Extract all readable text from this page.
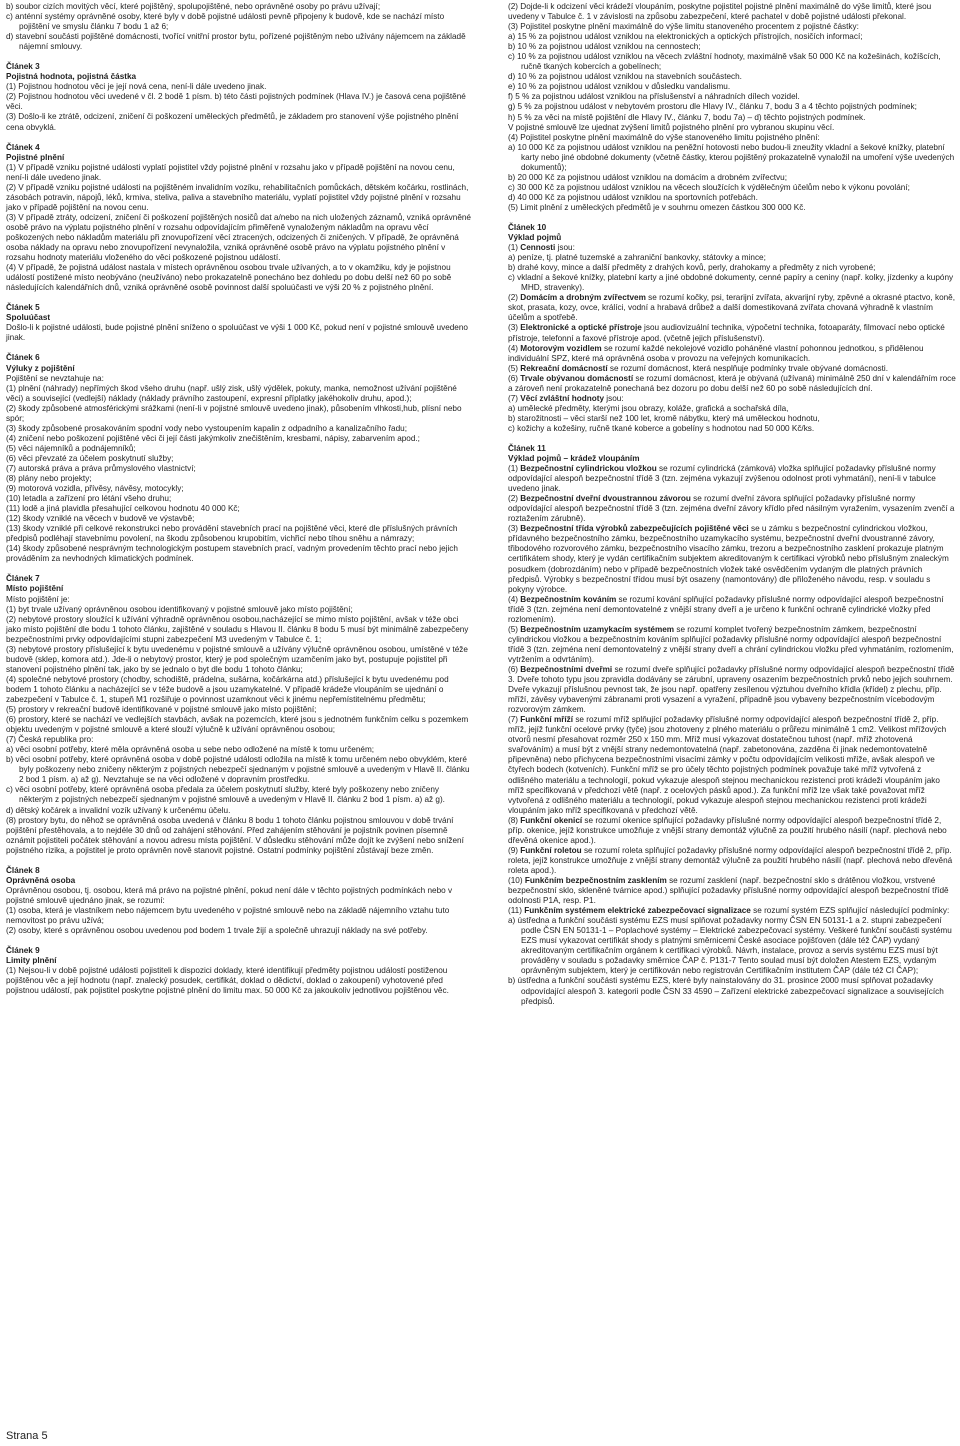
b) soubor cizích movitých věcí, které pojištěný, spolupojištěné, nebo oprávněné osoby po právu užívají;

c) anténní systémy oprávněné osoby, které byly v době pojistné události pevně připojeny k budově, kde se nachází místo pojištění ve smyslu článku 7 bodu 1 až 6;

d) stavební součásti pojištěné domácnosti, tvořící vnitřní prostor bytu, pořízené pojištěným nebo užívány nájemcem na základě nájemní smlouvy.

Článek 3
Pojistná hodnota, pojistná částka

(1) Pojistnou hodnotou věci je její nová cena, není-li dále uvedeno jinak.

(2) Pojistnou hodnotou věci uvedené v čl. 2 bodě 1 písm. b) této části pojistných podmínek (Hlava IV.) je časová cena pojištěné věci.

(3) Došlo-li ke ztrátě, odcizení, zničení či poškození uměleckých předmětů, je základem pro stanovení výše pojistného plnění cena obvyklá.

Článek 4
Pojistné plnění

(1) V případě vzniku pojistné události vyplatí pojistitel vždy pojistné plnění v rozsahu jako v případě pojištění na novou cenu, není-li dále uvedeno jinak.

(2) V případě vzniku pojistné události na pojištěném invalidním vozíku, rehabilitačních pomůckách, dětském kočárku, rostlinách, zásobách potravin, nápojů, léků, krmiva, steliva, paliva a stavebního materiálu, vyplatí pojistitel vždy pojistné plnění v rozsahu jako v případě pojištění na novou cenu.

(3) V případě ztráty, odcizení, zničení či poškození pojištěných nosičů dat a/nebo na nich uložených záznamů, vzniká oprávněné osobě právo na výplatu pojistného plnění v rozsahu odpovídajícím přiměřeně vynaloženým nákladům na opravu věcí poškozených nebo nákladům materiálu při znovupořízení věcí ztracených, odcizených či zničených. V případě, že oprávněná osoba náklady na opravu nebo znovupořízení nevynaložila, vzniká oprávněné osobě právo na výplatu pojistného plnění v rozsahu hodnoty materiálu vloženého do věci poškozené pojistnou událostí.

(4) V případě, že pojistná událost nastala v místech oprávněnou osobou trvale užívaných, a to v okamžiku, kdy je pojistnou událostí postižené místo neobýváno (neužíváno) nebo prokazatelně ponecháno bez dohledu po dobu delší než 60 po sobě následujících kalendářních dnů, vzniká oprávněné osobě povinnost další spoluúčasti ve výši 20 % z pojistného plnění.

Článek 5
Spoluúčast

Došlo-li k pojistné události, bude pojistné plnění sníženo o spoluúčast ve výši 1 000 Kč, pokud není v pojistné smlouvě uvedeno jinak.

Článek 6
Výluky z pojištění

Pojištění se nevztahuje na:

(1) plnění (náhrady) nepřímých škod všeho druhu (např. ušlý zisk, ušlý výdělek, pokuty, manka, nemožnost užívání pojištěné věci) a související (vedlejší) náklady (náklady právního zastoupení, expresní příplatky jakéhokoliv druhu, apod.);

(2) škody způsobené atmosférickými srážkami (není-li v pojistné smlouvě uvedeno jinak), působením vlhkosti,hub, plísní nebo spór;

(3) škody způsobené prosakováním spodní vody nebo vystoupením kapalin z odpadního a kanalizačního řadu;

(4) zničení nebo poškození pojištěné věci či její části jakýmkoliv znečištěním, kresbami, nápisy, zabarvením apod.;

(5) věci nájemníků a podnájemníků;

(6) věci převzaté za účelem poskytnutí služby;

(7) autorská práva a práva průmyslového vlastnictví;

(8) plány nebo projekty;

(9) motorová vozidla, přívěsy, návěsy, motocykly;

(10) letadla a zařízení pro létání všeho druhu;

(11) lodě a jiná plavidla přesahující celkovou hodnotu 40 000 Kč;

(12) škody vzniklé na věcech v budově ve výstavbě;

(13) škody vzniklé při celkové rekonstrukci nebo provádění stavebních prací na pojištěné věci, které dle příslušných právních předpisů podléhají stavebnímu povolení, na škodu způsobenou krupobitím, vichřicí nebo tíhou sněhu a námrazy;

(14) škody způsobené nesprávným technologickým postupem stavebních prací, vadným provedením těchto prací nebo jejich prováděním za nevhodných klimatických podmínek.

Článek 7
Místo pojištění

Místo pojištění je:

(1) byt trvale užívaný oprávněnou osobou identifikovaný v pojistné smlouvě jako místo pojištění;

(2) nebytové prostory sloužící k užívání výhradně oprávněnou osobou,nacházející se mimo místo pojištění, avšak v téže obci jako místo pojištění dle bodu 1 tohoto článku, zajištěné v souladu s Hlavou II. článku 8 bodu 5 musí být minimálně zabezpečeny bezpečnostními prvky odpovídajícími stupni zabezpečení M3 uvedeným v Tabulce č. 1;

(3) nebytové prostory příslušející k bytu uvedenému v pojistné smlouvě a užívány výlučně oprávněnou osobou, umístěné v téže budově (sklep, komora atd.). Jde-li o nebytový prostor, který je pod společným uzamčením jako byt, postupuje pojistitel při stanovení pojistného plnění tak, jako by se jednalo o byt dle bodu 1 tohoto článku;

(4) společné nebytové prostory (chodby, schodiště, prádelna, sušárna, kočárkárna atd.) příslušející k bytu uvedenému pod bodem 1 tohoto článku a nacházející se v téže budově a jsou uzamykatelné. V případě krádeže vloupáním se ujednání o zabezpečení v Tabulce č. 1, stupeň M1 rozšiřuje o povinnost uzamknout věci k jinému nepřemístitelnému předmětu;

(5) prostory v rekreační budově identifikované v pojistné smlouvě jako místo pojištění;

(6) prostory, které se nachází ve vedlejších stavbách, avšak na pozemcích, které jsou s jednotném funkčním celku s pozemkem objektu uvedeným v pojistné smlouvě a které slouží výlučně k užívání oprávněnou osobou;

(7) Česká republika pro:

a) věci osobní potřeby, které měla oprávněná osoba u sebe nebo odložené na místě k tomu určeném;

b) věci osobní potřeby, které oprávněná osoba v době pojistné události odložila na místě k tomu určeném nebo obvyklém, které byly poškozeny nebo zničeny některým z pojistných nebezpečí sjednaným v pojistné smlouvě a uvedeným v Hlavě II. článku 2 bod 1 písm. a) až g). Nevztahuje se na věci odložené v dopravním prostředku.

c) věci osobní potřeby, které oprávněná osoba předala za účelem poskytnutí služby, které byly poškozeny nebo zničeny některým z pojistných nebezpečí sjednaným v pojistné smlouvě a uvedeným v Hlavě II. článku 2 bod 1 písm. a) až g).

d) dětský kočárek a invalidní vozík užívaný k určenému účelu.

(8) prostory bytu, do něhož se oprávněná osoba uvedená v článku 8 bodu 1 tohoto článku pojistnou smlouvou v době trvání pojištění přestěhovala, a to nejdéle 30 dnů od zahájení stěhování. Před zahájením stěhování je pojistník povinen písemně oznámit pojistiteli počátek stěhování a novou adresu místa pojištění. V důsledku stěhování může dojít ke zvýšení nebo snížení pojistného rizika, a pojistitel je proto oprávněn nově stanovit pojistné. Ostatní podmínky pojištění zůstávají beze změn.

Článek 8
Oprávněná osoba

Oprávněnou osobou, tj. osobou, která má právo na pojistné plnění, pokud není dále v těchto pojistných podmínkách nebo v pojistné smlouvě ujednáno jinak, se rozumí:

(1) osoba, která je vlastníkem nebo nájemcem bytu uvedeného v pojistné smlouvě nebo na základě nájemního vztahu tuto nemovitost po právu užívá;

(2) osoby, které s oprávněnou osobou uvedenou pod bodem 1 trvale žijí a společně uhrazují náklady na své potřeby.

Článek 9
Limity plnění

(1) Nejsou-li v době pojistné události pojistiteli k dispozici doklady, které identifikují předměty pojistnou událostí postiženou pojištěnou věc a její hodnotu (např. znalecký posudek, certifikát, doklad o dědictví, doklad o zakoupení) vyhotovené před pojistnou událostí, pak pojistitel poskytne pojistné plnění do limitu max. 50 000 Kč za jakoukoliv jednotlivou pojištěnou věc.

(2) Dojde-li k odcizení věci krádeží vloupáním, poskytne pojistitel pojistné plnění maximálně do výše limitů, které jsou uvedeny v Tabulce č. 1 v závislosti na způsobu zabezpečení, které pachatel v době pojistné události překonal.

(3) Pojistitel poskytne plnění maximálně do výše limitu stanoveného procentem z pojistné částky:

a) 15 % za pojistnou událost vzniklou na elektronických a optických přístrojích, nosičích informací;

b) 10 % za pojistnou událost vzniklou na cennostech;

c) 10 % za pojistnou událost vzniklou na věcech zvláštní hodnoty, maximálně však 50 000 Kč na kožešinách, kožíšcích, ručně tkaných kobercích a gobelínech;

d) 10 % za pojistnou událost vzniklou na stavebních součástech.

e) 10 % za pojistnou událost vzniklou v důsledku vandalismu.

f) 5 % za pojistnou událost vzniklou na příslušenství a náhradních dílech vozidel.

g) 5 % za pojistnou událost v nebytovém prostoru dle Hlavy IV., článku 7, bodu 3 a 4 těchto pojistných podmínek;

h) 5 % za věci na místě pojištění dle Hlavy IV., článku 7, bodu 7a) – d) těchto pojistných podmínek.

V pojistné smlouvě lze ujednat zvýšení limitů pojistného plnění pro vybranou skupinu věcí.

(4) Pojistitel poskytne plnění maximálně do výše stanoveného limitu pojistného plnění:

a) 10 000 Kč za pojistnou událost vzniklou na peněžní hotovosti nebo budou-li zneužity vkladní a šekové knížky, platební karty nebo jiné obdobné dokumenty (včetně částky, kterou pojištěný prokazatelně vynaložil na umoření výše uvedených dokumentů);

b) 20 000 Kč za pojistnou událost vzniklou na domácím a drobném zvířectvu;

c) 30 000 Kč za pojistnou událost vzniklou na věcech sloužících k výdělečným účelům nebo k výkonu povolání;

d) 40 000 Kč za pojistnou událost vzniklou na sportovních potřebách.

(5) Limit plnění z uměleckých předmětů je v souhrnu omezen částkou 300 000 Kč.

Článek 10
Výklad pojmů

(1) Cennosti jsou:

a) peníze, tj. platné tuzemské a zahraniční bankovky, státovky a mince;

b) drahé kovy, mince a další předměty z drahých kovů, perly, drahokamy a předměty z nich vyrobené;

c) vkladní a šekové knížky, platební karty a jiné obdobné dokumenty, cenné papíry a ceniny (např. kolky, jízdenky a kupóny MHD, stravenky).

(2) Domácím a drobným zvířectvem se rozumí kočky, psi, terarijní zvířata, akvarijní ryby, zpěvné a okrasné ptactvo, koně, skot, prasata, kozy, ovce, králíci, vodní a hrabavá drůbež a další domestikovaná zvířata chovaná výhradně k vlastním účelům a spotřebě.

(3) Elektronické a optické přístroje jsou audiovizuální technika, výpočetní technika, fotoaparáty, filmovací nebo optické přístroje, telefonní a faxové přístroje apod. (včetně jejich příslušenství).

(4) Motorovým vozidlem se rozumí každé nekolejové vozidlo poháněné vlastní pohonnou jednotkou, s přidělenou individuální SPZ, které má oprávněná osoba v provozu na veřejných komunikacích.

(5) Rekreační domácností se rozumí domácnost, která nesplňuje podmínky trvale obývané domácnosti.

(6) Trvale obývanou domácností se rozumí domácnost, která je obývaná (užívaná) minimálně 250 dní v kalendářním roce a zároveň není prokazatelně ponechaná bez dozoru po dobu delší než 60 po sobě následujících dní.

(7) Věcí zvláštní hodnoty jsou:

a) umělecké předměty, kterými jsou obrazy, koláže, grafická a sochařská díla,

b) starožitnosti – věci starší než 100 let, kromě nábytku, který má uměleckou hodnotu,

c) kožichy a kožešiny, ručně tkané koberce a gobelíny s hodnotou nad 50 000 Kč/ks.

Článek 11
Výklad pojmů – krádež vloupáním

(1) Bezpečnostní cylindrickou vložkou se rozumí cylindrická (zámková) vložka splňující požadavky příslušné normy odpovídající alespoň bezpečnostní třídě 3 (tzn. zejména vykazují zvýšenou odolnost proti vyhmatání), není-li v tabulce uvedeno jinak.

(2) Bezpečnostní dveřní dvoustrannou závorou se rozumí dveřní závora splňující požadavky příslušné normy odpovídající alespoň bezpečnostní třídě 3 (tzn. zejména dveřní závory křídlo před násilným vyražením, vysazením zvenčí a roztažením zárubně).

(3) Bezpečnostní třída výrobků zabezpečujících pojištěné věci se u zámku s bezpečnostní cylindrickou vložkou, přídavného bezpečnostního zámku, bezpečnostního uzamykacího systému, bezpečnostní dveřní dvoustranné závory, třibodového rozvorového zámku, bezpečnostního visacího zámku, trezoru a bezpečnostního zasklení prokazuje platným certifikátem shody, který je vydán certifikačním subjektem akreditovaným k certifikaci výrobků nebo příslušným znaleckým posudkem (dobrozdáním) nebo v případě bezpečnostních vložek také osvědčením vydaným dle platných právních předpisů. Výrobky s bezpečnostní třídou musí být osazeny (namontovány) dle přiloženého návodu, resp. v souladu s pokyny výrobce.

(4) Bezpečnostním kováním se rozumí kování splňující požadavky příslušné normy odpovídající alespoň bezpečnostní třídě 3 (tzn. zejména není demontovatelné z vnější strany dveří a je určeno k funkční ochraně cylindrické vložky před rozlomením).

(5) Bezpečnostním uzamykacím systémem se rozumí komplet tvořený bezpečnostním zámkem, bezpečnostní cylindrickou vložkou a bezpečnostním kováním splňující požadavky příslušné normy odpovídající alespoň bezpečnostní třídě 3 (tzn. zejména není demontovatelný z vnější strany dveří a chrání cylindrickou vložku před vyhmatáním, rozlomením, vytržením a odvrtáním).

(6) Bezpečnostními dveřmi se rozumí dveře splňující požadavky příslušné normy odpovídající alespoň bezpečnostní třídě 3. Dveře tohoto typu jsou zpravidla dodávány se zárubní, upraveny osazením bezpečnostních prvků nebo jejich souhrnem. Dveře vykazují příslušnou pevnost tak, že jsou např. opatřeny zesílenou výztuhou dveřního křídla (křídel) z plechu, příp. mříží, závěsy vybavenými zábranami proti vysazení a vyražení, případně jsou vybaveny bezpečnostním vícebodovým rozvorovým zámkem.

(7) Funkční mříží se rozumí mříž splňující požadavky příslušné normy odpovídající alespoň bezpečnostní třídě 2, příp. mříž, jejíž funkční ocelové prvky (tyče) jsou zhotoveny z plného materiálu o průřezu minimálně 1 cm2. Velikost mřížových otvorů nesmí přesahovat rozměr 250 x 150 mm. Mříž musí vykazovat dostatečnou tuhost (např. mříž zhotovená svařováním) a musí být z vnější strany nedemontovatelná (např. zabetonována, zazděna či jinak nedemontovatelně připevněna) nebo přichycena bezpečnostními visacími zámky v počtu odpovídajícím velikosti mříže, avšak alespoň ve čtyřech bodech (kotveních). Funkční mříž se pro účely těchto pojistných podmínek považuje také mříž vytvořená z odlišného materiálu a technologií, pokud vykazuje alespoň stejnou mechanickou rezistenci proti krádeži vloupáním jako mříž specifikovaná v předchozí větě (např. z ocelových pásků apod.). Za funkční mříž lze však také považovat mříž vytvořená z odlišného materiálu a technologií, pokud vykazuje alespoň stejnou mechanickou rezistenci proti krádeži vloupáním jako mříž specifikovaná v předchozí větě.

(8) Funkční okenicí se rozumí okenice splňující požadavky příslušné normy odpovídající alespoň bezpečnostní třídě 2, příp. okenice, jejíž konstrukce umožňuje z vnější strany demontáž výlučně za použití hrubého násilí (např. plechová nebo dřevěná okenice apod.).

(9) Funkční roletou se rozumí roleta splňující požadavky příslušné normy odpovídající alespoň bezpečnostní třídě 2, příp. roleta, jejíž konstrukce umožňuje z vnější strany demontáž výlučně za použití hrubého násilí (např. plechová nebo dřevěná roleta apod.).

(10) Funkčním bezpečnostním zasklením se rozumí zasklení (např. bezpečnostní sklo s drátěnou vložkou, vrstvené bezpečnostní sklo, skleněné tvárnice apod.) splňující požadavky příslušné normy odpovídající alespoň bezpečnostní třídě odolnosti P1A, resp. P1.

(11) Funkčním systémem elektrické zabezpečovací signalizace se rozumí systém EZS splňující následující podmínky:

a) ústředna a funkční součásti systému EZS musí splňovat požadavky normy ČSN EN 50131-1 a 2. stupni zabezpečení podle ČSN EN 50131-1 – Poplachové systémy – Elektrické zabezpečovací systémy. Veškeré funkční součásti systému EZS musí vykazovat certifikát shody s platnými směrnicemi České asociace pojišťoven (dále též ČAP) vydaný akreditovaným certifikačním orgánem k certifikaci výrobků. Návrh, instalace, provoz a servis systému EZS musí být prováděny v souladu s požadavky směrnice ČAP č. P131-7 Tento soulad musí být doložen Atestem EZS, vydaným oprávněným subjektem, který je certifikován nebo registrován Certifikačním institutem ČAP (dále též CI ČAP);

b) ústředna a funkční součásti systému EZS, které byly nainstalovány do 31. prosince 2000 musí splňovat požadavky odpovídající alespoň 3. kategorii podle ČSN 33 4590 – Zařízení elektrické zabezpečovací signalizace a souvisejících předpisů.

Strana 5
